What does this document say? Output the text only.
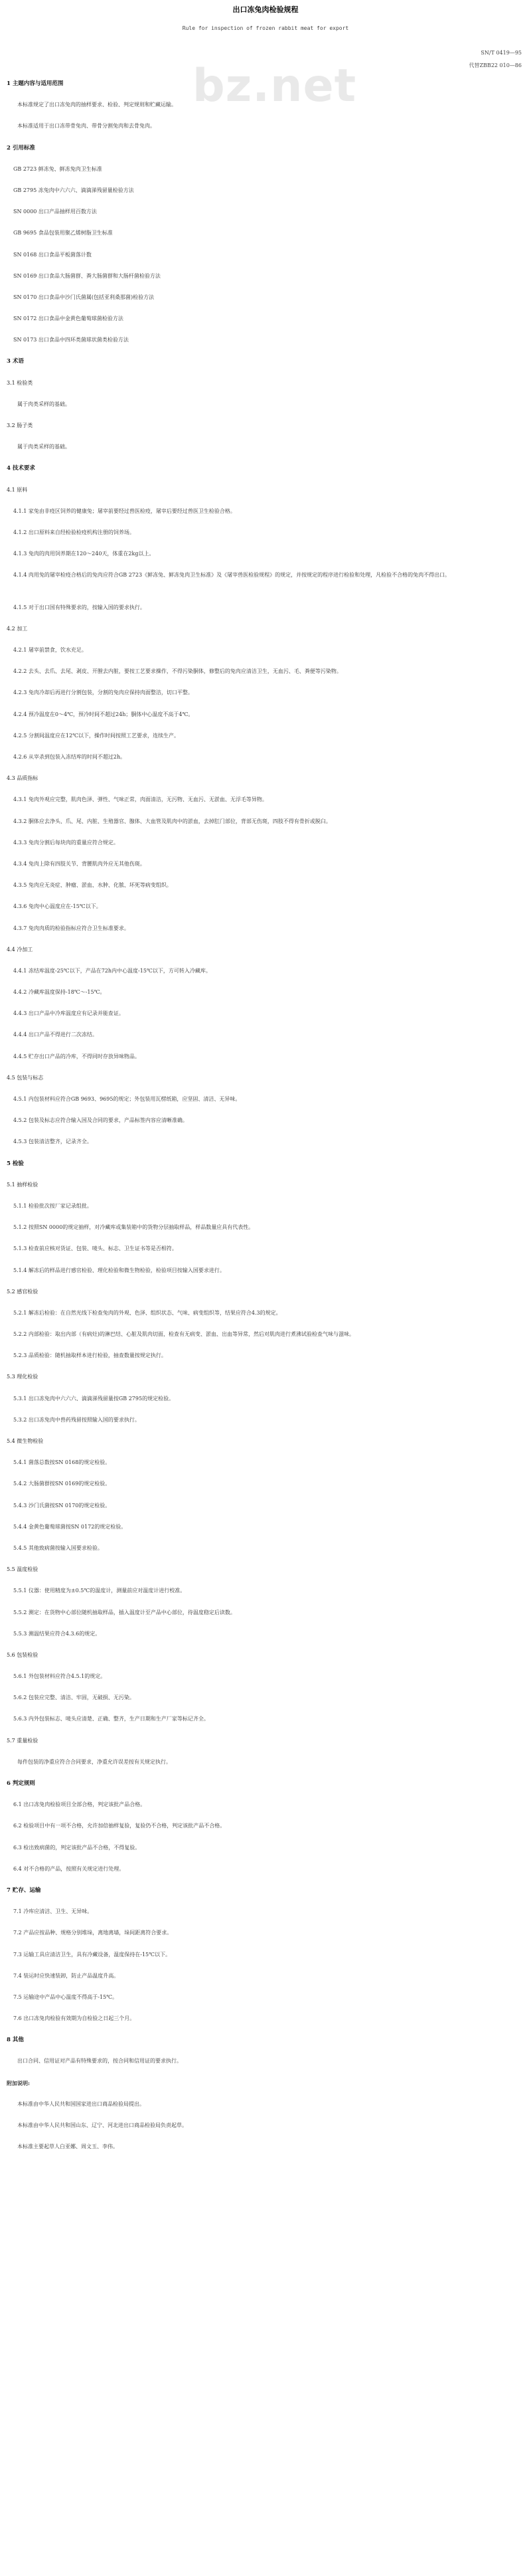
bz.net
出口冻兔肉检验规程
Rule for inspection of frozen rabbit meat for export
SN/T 0419—95
代替ZBB22 010—86
1 主题内容与适用范围
本标准规定了出口冻兔肉的抽样要求、检验、判定规则和贮藏运输。
本标准适用于出口冻带骨兔肉、带骨分割兔肉和去骨兔肉。
2 引用标准
GB 2723 鲜冻兔、鲜冻兔肉卫生标准
GB 2795 冻兔肉中六六六、滴滴涕残留量检验方法
SN 0000 出口产品抽样用百数方法
GB 9695 食品包装用聚乙烯树脂卫生标准
SN 0168 出口食品平板菌落计数
SN 0169 出口食品大肠菌群、粪大肠菌群和大肠杆菌检验方法
SN 0170 出口食品中沙门氏菌属(包括亚利桑那菌)检验方法
SN 0172 出口食品中金黄色葡萄球菌检验方法
SN 0173 出口食品中四环类菌球状菌类检验方法
3 术语
3.1 检验类
属于肉类采样的基础。
3.2 肠子类
属于肉类采样的基础。
4 技术要求
4.1 原料
4.1.1 家兔由非疫区饲养的健康兔；屠宰前要经过兽医检疫，屠宰后要经过兽医卫生检验合格。
4.1.2 出口原料来自经检验检疫机构注册的饲养场。
4.1.3 兔肉的肉用饲养期在120～240天，体重在2kg以上。
4.1.4 肉用兔的屠宰检疫合格后的兔肉应符合GB 2723《鲜冻兔、鲜冻兔肉卫生标准》及《屠宰兽医检验规程》的规定，并按规定的程序进行检验和处理，凡检验不合格的兔肉不得出口。
4.1.5 对于出口国有特殊要求的，按输入国的要求执行。
4.2 加工
4.2.1 屠宰前禁食，饮水充足。
4.2.2 去头、去爪、去尾、剥皮、开膛去内脏，要按工艺要求操作，不得污染胴体，修整后的兔肉应清洁卫生，无血污、毛、粪便等污染物。
4.2.3 兔肉冷却后再进行分割包装，分割的兔肉应保持肉面整洁，切口平整。
4.2.4 预冷温度在0～4℃，预冷时间不超过24h；胴体中心温度不高于4℃。
4.2.5 分割间温度应在12℃以下，操作时间按照工艺要求，连续生产。
4.2.6 从宰杀到包装入冻结库的时间不超过2h。
4.3 品质指标
4.3.1 兔肉外观应完整，肌肉色泽、弹性、气味正常，肉面清洁，无污物、无血污、无淤血、无浮毛等异物。
4.3.2 胴体应去净头、爪、尾、内脏、生殖器官、腺体、大血管及肌肉中的淤血，去掉肛门部位，背部无伤斑，四肢不得有骨折或脱臼。
4.3.3 兔肉分割后每块肉的重量应符合规定。
4.3.4 兔肉上除有四肢关节、背腰肌肉外应无其他伤斑。
4.3.5 兔肉应无炎症、肿瘤、淤血、水肿、化脓、坏死等病变组织。
4.3.6 兔肉中心温度应在-15℃以下。
4.3.7 兔肉肉质的检验指标应符合卫生标准要求。
4.4 冷加工
4.4.1 冻结库温度-25℃以下，产品在72h内中心温度-15℃以下，方可转入冷藏库。
4.4.2 冷藏库温度保持-18℃～-15℃。
4.4.3 出口产品中冷库温度应有记录并能查证。
4.4.4 出口产品不得进行二次冻结。
4.4.5 贮存出口产品的冷库，不得同时存放异味物品。
4.5 包装与标志
4.5.1 内包装材料应符合GB 9693、9695的规定；外包装用瓦楞纸箱，应坚固、清洁、无异味。
4.5.2 包装及标志应符合输入国及合同的要求，产品标签内容应清晰准确。
4.5.3 包装清洁整齐，记录齐全。
5 检验
5.1 抽样检验
5.1.1 检验批次按厂家记录组批。
5.1.2 按照SN 0000的规定抽样，对冷藏库或集装箱中的货物分层抽取样品，样品数量应具有代表性。
5.1.3 检查前应核对货证、包装、唛头、标志、卫生证书等是否相符。
5.1.4 解冻后的样品进行感官检验、理化检验和微生物检验，检验项目按输入国要求进行。
5.2 感官检验
5.2.1 解冻后检验：在自然光线下检查兔肉的外观、色泽、组织状态、气味、病变组织等，结果应符合4.3的规定。
5.2.2 内部检验：取出内部（有病灶)的淋巴结、心脏及肌肉切面，检查有无病变、淤血、出血等异常，然后对肌肉进行煮沸试验检查气味与滋味。
5.2.3 品质检验：随机抽取样本进行检验，抽查数量按规定执行。
5.3 理化检验
5.3.1 出口冻兔肉中六六六、滴滴涕残留量按GB 2795的规定检验。
5.3.2 出口冻兔肉中兽药残留按照输入国的要求执行。
5.4 微生物检验
5.4.1 菌落总数按SN 0168的规定检验。
5.4.2 大肠菌群按SN 0169的规定检验。
5.4.3 沙门氏菌按SN 0170的规定检验。
5.4.4 金黄色葡萄球菌按SN 0172的规定检验。
5.4.5 其他致病菌按输入国要求检验。
5.5 温度检验
5.5.1 仪器：使用精度为±0.5℃的温度计，测量前应对温度计进行校准。
5.5.2 测定：在货物中心部位随机抽取样品，插入温度计至产品中心部位，待温度稳定后读数。
5.5.3 测温结果应符合4.3.6的规定。
5.6 包装检验
5.6.1 外包装材料应符合4.5.1的规定。
5.6.2 包装应完整、清洁、牢固，无破损、无污染。
5.6.3 内外包装标志、唛头应清楚、正确、整齐，生产日期和生产厂家等标记齐全。
5.7 重量检验
每件包装的净重应符合合同要求，净重允许误差按有关规定执行。
6 判定规则
6.1 出口冻兔肉检验项目全部合格，判定该批产品合格。
6.2 检验项目中有一项不合格，允许加倍抽样复验，复验仍不合格，判定该批产品不合格。
6.3 检出致病菌的，判定该批产品不合格，不得复验。
6.4 对不合格的产品，按照有关规定进行处理。
7 贮存、运输
7.1 冷库应清洁、卫生、无异味。
7.2 产品应按品种、规格分别堆垛，离地离墙，垛间距离符合要求。
7.3 运输工具应清洁卫生，具有冷藏设备，温度保持在-15℃以下。
7.4 装运时应快速装卸，防止产品温度升高。
7.5 运输途中产品中心温度不得高于-15℃。
7.6 出口冻兔肉检验有效期为自检验之日起三个月。
8 其他
出口合同、信用证对产品有特殊要求的，按合同和信用证的要求执行。
附加说明:
本标准由中华人民共和国国家进出口商品检验局提出。
本标准由中华人民共和国山东、辽宁、河北进出口商品检验局负责起草。
本标准主要起草人白亚娜、周文玉、李伟。
